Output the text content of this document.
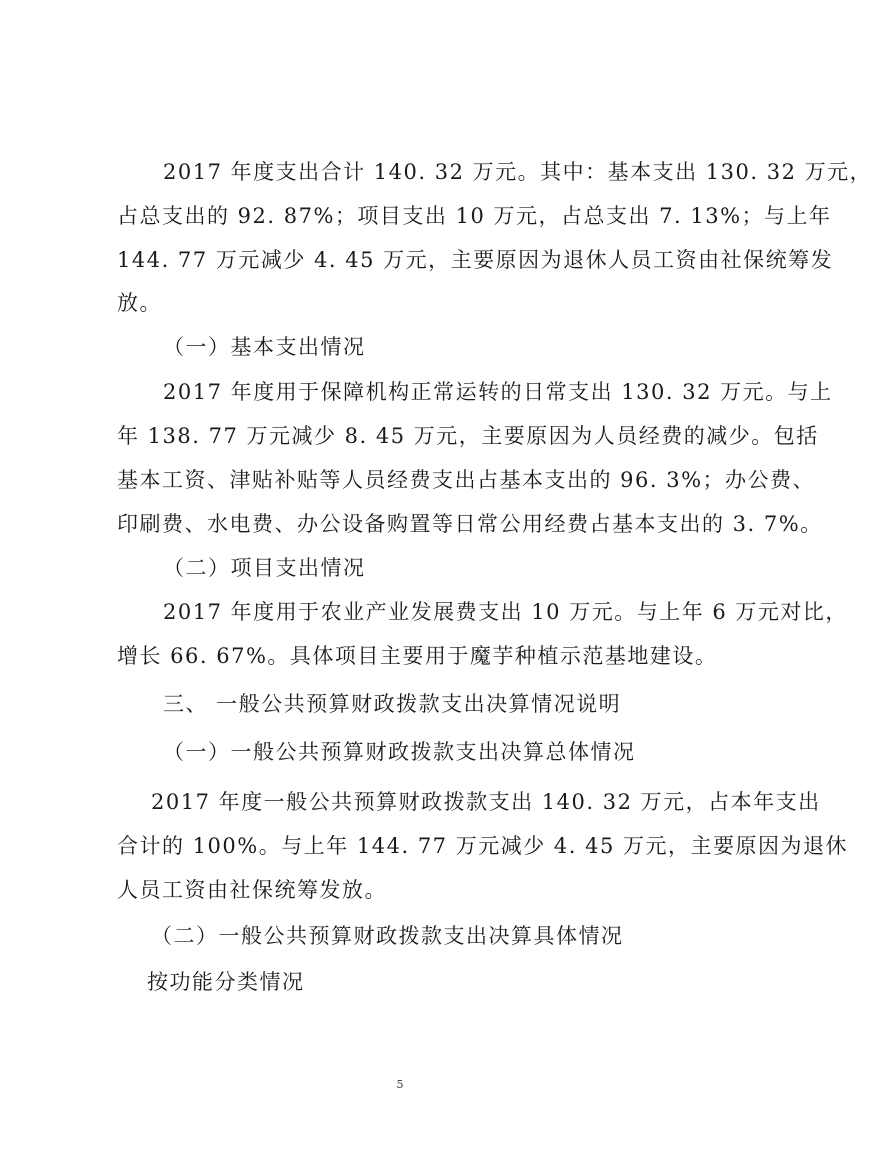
2017 年度支出合计 140. 32 万元。其中：基本支出 130. 32 万元，
占总支出的 92. 87%；项目支出 10 万元，占总支出 7. 13%；与上年
144. 77 万元减少 4. 45 万元，主要原因为退休人员工资由社保统筹发
放。
（一）基本支出情况
2017 年度用于保障机构正常运转的日常支出 130. 32 万元。与上
年 138. 77 万元减少 8. 45 万元，主要原因为人员经费的减少。包括
基本工资、津贴补贴等人员经费支出占基本支出的 96. 3%；办公费、
印刷费、水电费、办公设备购置等日常公用经费占基本支出的 3. 7%。
（二）项目支出情况
2017 年度用于农业产业发展费支出 10 万元。与上年 6 万元对比，
增长 66. 67%。具体项目主要用于魔芋种植示范基地建设。
三、 一般公共预算财政拨款支出决算情况说明
（一）一般公共预算财政拨款支出决算总体情况
2017 年度一般公共预算财政拨款支出 140. 32 万元，占本年支出
合计的 100%。与上年 144. 77 万元减少 4. 45 万元，主要原因为退休
人员工资由社保统筹发放。
（二）一般公共预算财政拨款支出决算具体情况
按功能分类情况
5
